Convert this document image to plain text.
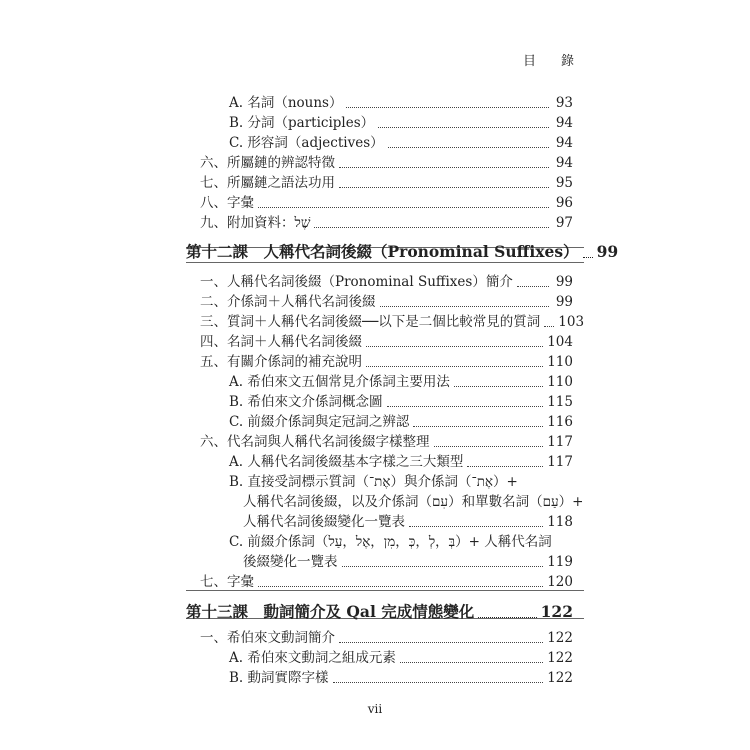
目　錄
A. 名詞（nouns）	93
B. 分詞（participles）	94
C. 形容詞（adjectives）	94
六、所屬鏈的辨認特徵	94
七、所屬鏈之語法功用	95
八、字彙	96
九、附加資料：שֶׁל	97
第十二課　人稱代名詞後綴（Pronominal Suffixes） 99
一、人稱代名詞後綴（Pronominal Suffixes）簡介	99
二、介係詞＋人稱代名詞後綴	99
三、質詞＋人稱代名詞後綴──以下是二個比較常見的質詞 103
四、名詞＋人稱代名詞後綴	104
五、有關介係詞的補充說明	110
A. 希伯來文五個常見介係詞主要用法	110
B. 希伯來文介係詞概念圖	115
C. 前綴介係詞與定冠詞之辨認	116
六、代名詞與人稱代名詞後綴字樣整理	117
A. 人稱代名詞後綴基本字樣之三大類型	117
B. 直接受詞標示質詞（אֶת־）與介係詞（אֶת־）+
人稱代名詞後綴，以及介係詞（עִם）和單數名詞（עַם）+
人稱代名詞後綴變化一覽表	118
C. 前綴介係詞（בְּ，לְ，כְּ，מִן，אֶל，עַל）+ 人稱代名詞
後綴變化一覽表	119
七、字彙	120
第十三課　動詞簡介及 Qal 完成情態變化	122
一、希伯來文動詞簡介	122
A. 希伯來文動詞之組成元素	122
B. 動詞實際字樣	122
vii
